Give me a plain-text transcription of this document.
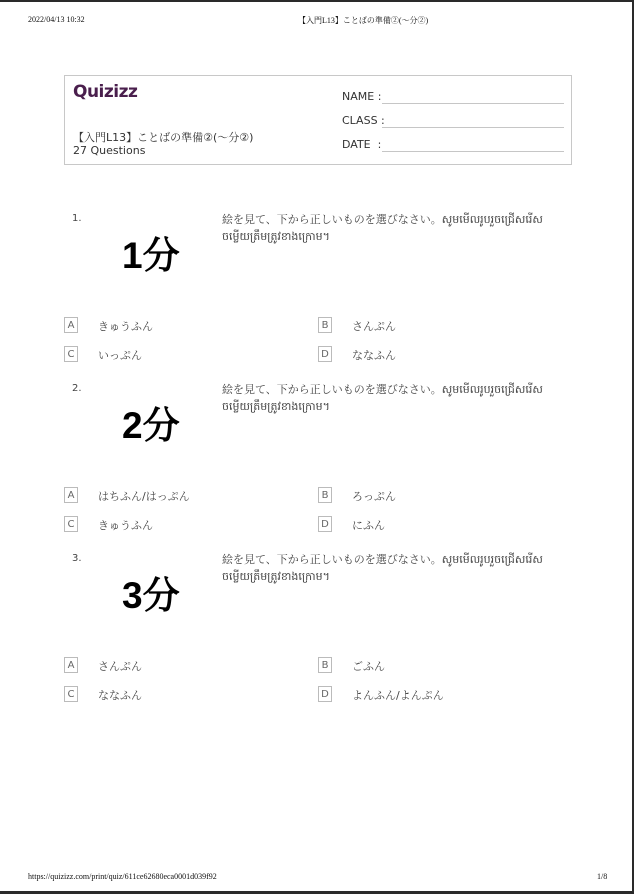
2022/04/13 10:32	【入門L13】ことばの準備②(〜分②)
Quizizz
【入門L13】ことばの準備②(〜分②)
27 Questions
NAME :
CLASS :
DATE  :
1.
1分
絵を見て、下から正しいものを選びなさい。សូមមើលរូបរួចជ្រើសរើសចម្លើយត្រឹមត្រូវខាងក្រោម។
A	きゅうふん	B	さんぷん
C	いっぷん	D ななふん
2.
2分
絵を見て、下から正しいものを選びなさい。សូមមើលរូបរួចជ្រើសរើសចម្លើយត្រឹមត្រូវខាងក្រោម។
A	はちふん/はっぷん	B	ろっぷん
C	きゅうふん	D にふん
3.
3分
絵を見て、下から正しいものを選びなさい。សូមមើលរូបរួចជ្រើសរើសចម្លើយត្រឹមត្រូវខាងក្រោម។
A	さんぷん	B	ごふん
C	ななふん	D よんふん/よんぷん
https://quizizz.com/print/quiz/611ce62680eca0001d039f92	1/8
